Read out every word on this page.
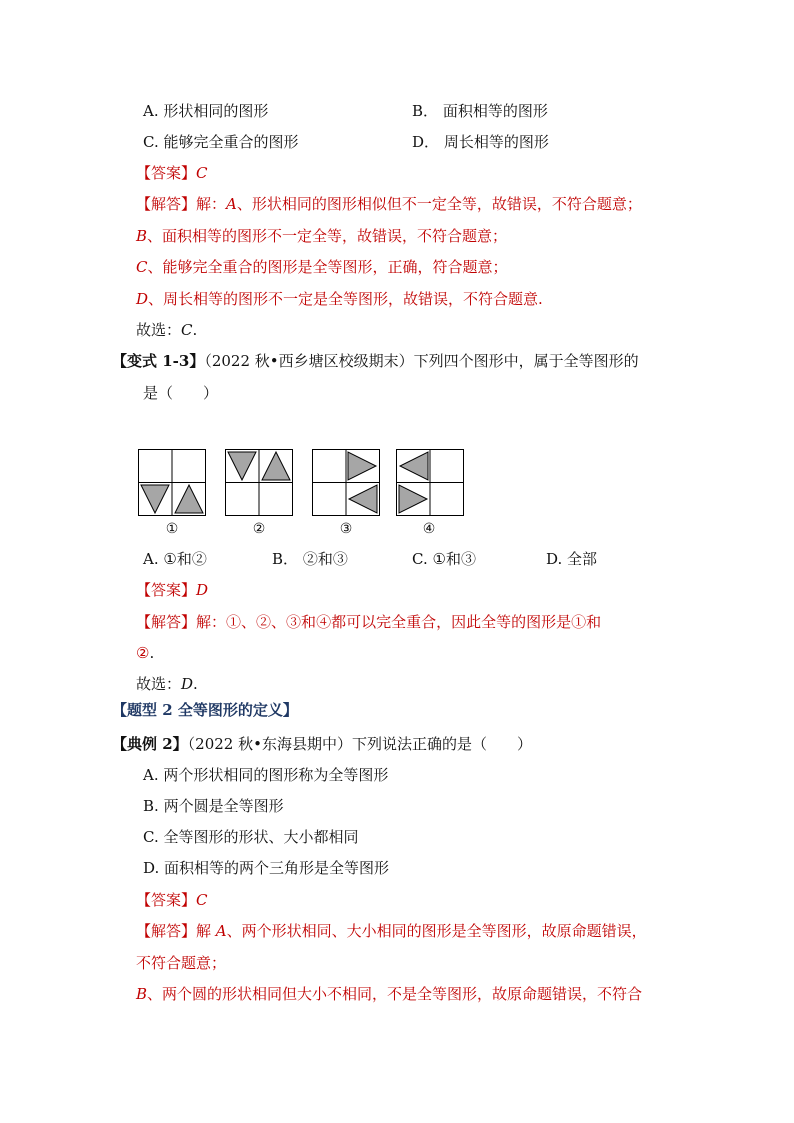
A. 形状相同的图形	B． 面积相等的图形
C. 能够完全重合的图形	D． 周长相等的图形
【答案】C
【解答】解：A、形状相同的图形相似但不一定全等，故错误，不符合题意；
B、面积相等的图形不一定全等，故错误，不符合题意；
C、能够完全重合的图形是全等图形，正确，符合题意；
D、周长相等的图形不一定是全等图形，故错误，不符合题意.
故选：C.
【变式 1-3】（2022 秋•西乡塘区校级期末）下列四个图形中，属于全等图形的
是（　　）
①	②	③	④
A. ①和②	B． ②和③	C. ①和③	D. 全部
【答案】D
【解答】解：①、②、③和④都可以完全重合，因此全等的图形是①和
②.
故选：D.
【题型 2 全等图形的定义】
【典例 2】（2022 秋•东海县期中）下列说法正确的是（　　）
A. 两个形状相同的图形称为全等图形
B. 两个圆是全等图形
C. 全等图形的形状、大小都相同
D. 面积相等的两个三角形是全等图形
【答案】C
【解答】解 A、两个形状相同、大小相同的图形是全等图形，故原命题错误，
不符合题意；
B、两个圆的形状相同但大小不相同，不是全等图形，故原命题错误，不符合
